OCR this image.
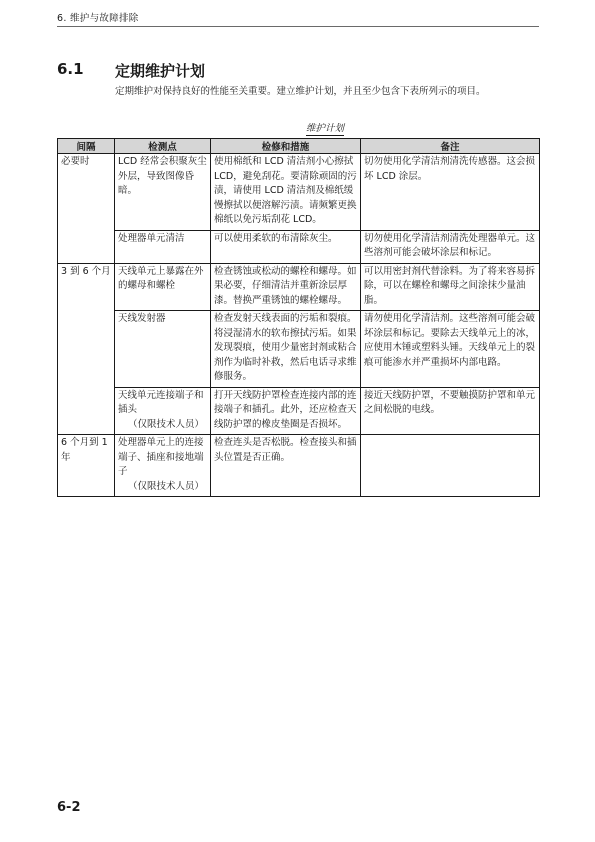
6. 维护与故障排除
6.1 定期维护计划
定期维护对保持良好的性能至关重要。建立维护计划，并且至少包含下表所列示的项目。
维护计划
间隔	检测点	检修和措施	备注
必要时	LCD 经常会积聚灰尘外层，导致图像昏暗。	使用棉纸和 LCD 清洁剂小心擦拭 LCD，避免刮花。要清除顽固的污渍，请使用 LCD 清洁剂及棉纸缓慢擦拭以便溶解污渍。请频繁更换棉纸以免污垢刮花 LCD。	切勿使用化学清洁剂清洗传感器。这会损坏 LCD 涂层。
	处理器单元清洁	可以使用柔软的布清除灰尘。	切勿使用化学清洁剂清洗处理器单元。这些溶剂可能会破坏涂层和标记。
3 到 6 个月	天线单元上暴露在外的螺母和螺栓	检查锈蚀或松动的螺栓和螺母。如果必要，仔细清洁并重新涂层厚漆。替换严重锈蚀的螺栓螺母。	可以用密封剂代替涂料。为了将来容易拆除，可以在螺栓和螺母之间涂抹少量油脂。
	天线发射器	检查发射天线表面的污垢和裂痕。将浸湿清水的软布擦拭污垢。如果发现裂痕，使用少量密封剂或粘合剂作为临时补救，然后电话寻求维修服务。	请勿使用化学清洁剂。这些溶剂可能会破坏涂层和标记。要除去天线单元上的冰，应使用木锤或塑料头锤。天线单元上的裂痕可能渗水并严重损坏内部电路。
	天线单元连接端子和插头
（仅限技术人员）	打开天线防护罩检查连接内部的连接端子和插孔。此外，还应检查天线防护罩的橡皮垫圈是否损坏。	接近天线防护罩，不要触摸防护罩和单元之间松脱的电线。
6 个月到 1 年	处理器单元上的连接端子、插座和接地端子
（仅限技术人员）	检查连头是否松脱。检查接头和插头位置是否正确。	
6-2
